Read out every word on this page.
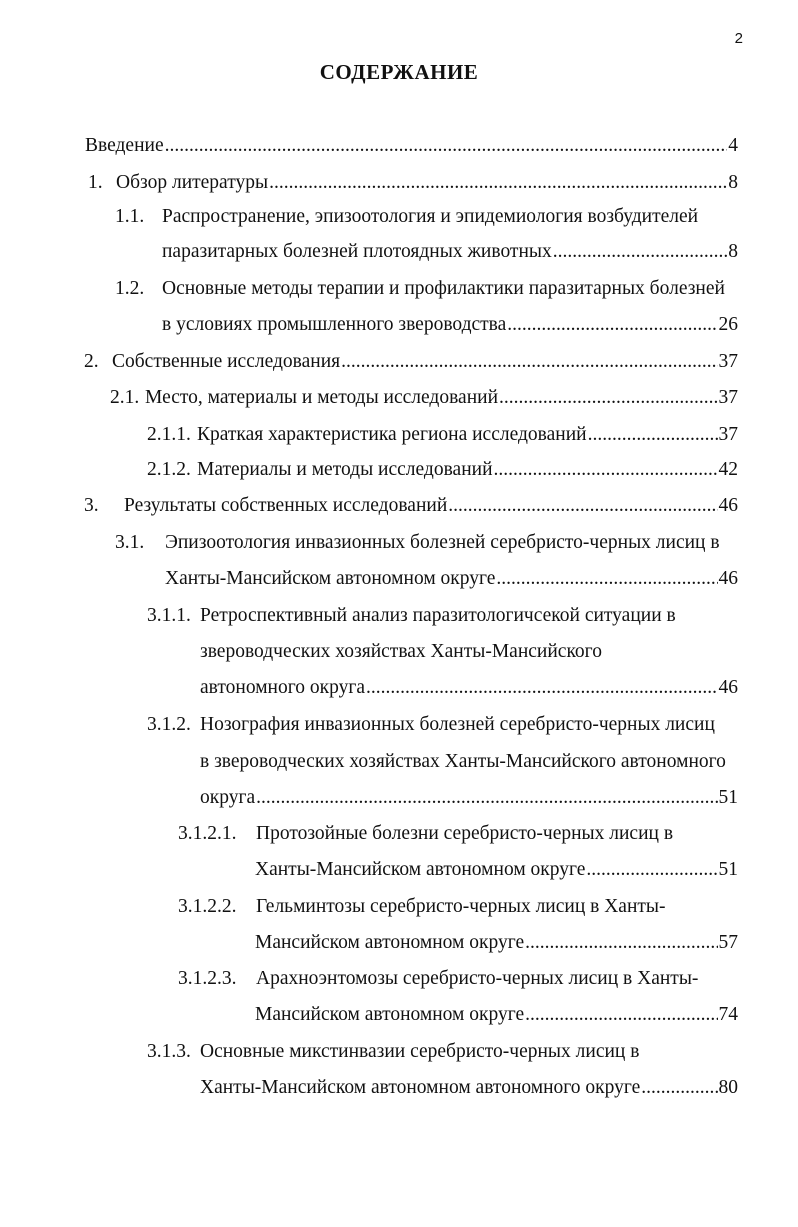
2
СОДЕРЖАНИЕ
Введение .....	4
1. Обзор литературы .....	8
1.1. Распространение, эпизоотология и эпидемиология возбудителей
паразитарных болезней плотоядных животных .....	8
1.2. Основные методы терапии и профилактики паразитарных болезней
в условиях промышленного звероводства .....	26
2. Собственные исследования .....	37
2.1. Место, материалы и методы исследований .....	37
2.1.1. Краткая характеристика региона исследований .....	37
2.1.2. Материалы и методы исследований .....	42
3.	Результаты собственных исследований .....	46
3.1.	Эпизоотология инвазионных болезней серебристо-черных лисиц в
Ханты-Мансийском автономном округе .....	46
3.1.1. Ретроспективный анализ паразитологичсекой ситуации в
звероводческих хозяйствах Ханты-Мансийского
автономного округа .....	46
3.1.2. Нозография инвазионных болезней серебристо-черных лисиц
в звероводческих хозяйствах Ханты-Мансийского автономного
округа .....	51
3.1.2.1.	Протозойные болезни серебристо-черных лисиц в
Ханты-Мансийском автономном округе .....	51
3.1.2.2.	Гельминтозы серебристо-черных лисиц в Ханты-
Мансийском автономном округе .....	57
3.1.2.3.	Арахноэнтомозы серебристо-черных лисиц в Ханты-
Мансийском автономном округе .....	74
3.1.3. Основные микстинвазии серебристо-черных лисиц в
Ханты-Мансийском автономном автономного округе .....	80
